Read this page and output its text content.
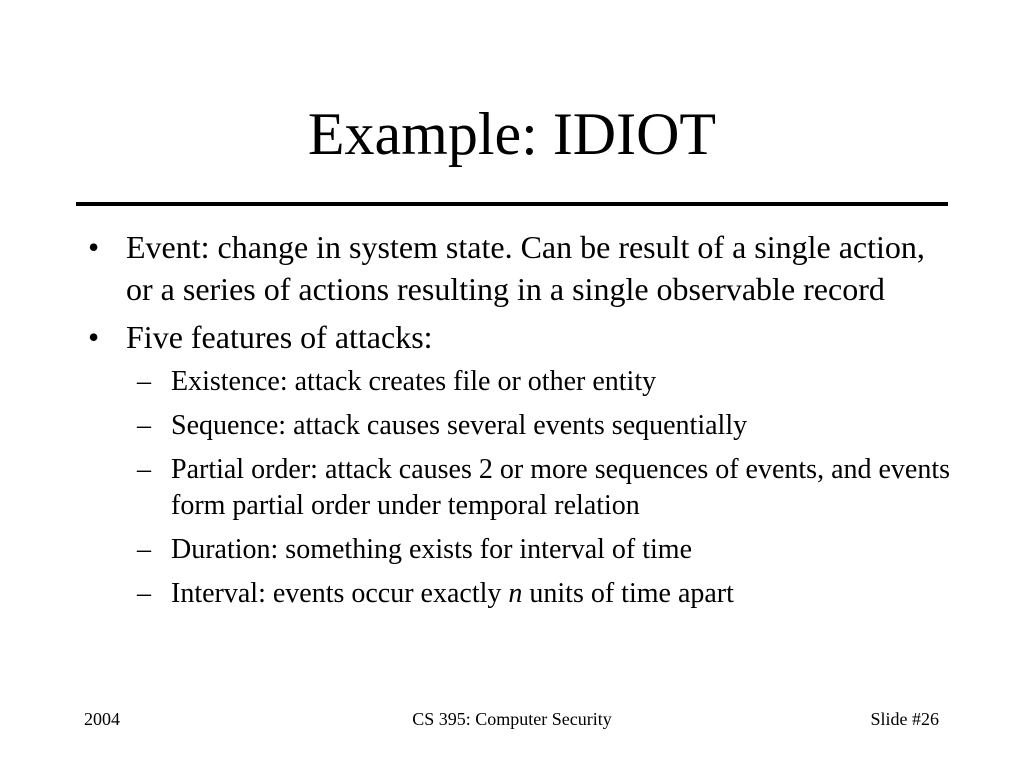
Example: IDIOT
• Event: change in system state. Can be result of a single action, or a series of actions resulting in a single observable record
• Five features of attacks:
– Existence: attack creates file or other entity
– Sequence: attack causes several events sequentially
– Partial order: attack causes 2 or more sequences of events, and events form partial order under temporal relation
– Duration: something exists for interval of time
– Interval: events occur exactly n units of time apart
2004	CS 395: Computer Security	Slide #26
